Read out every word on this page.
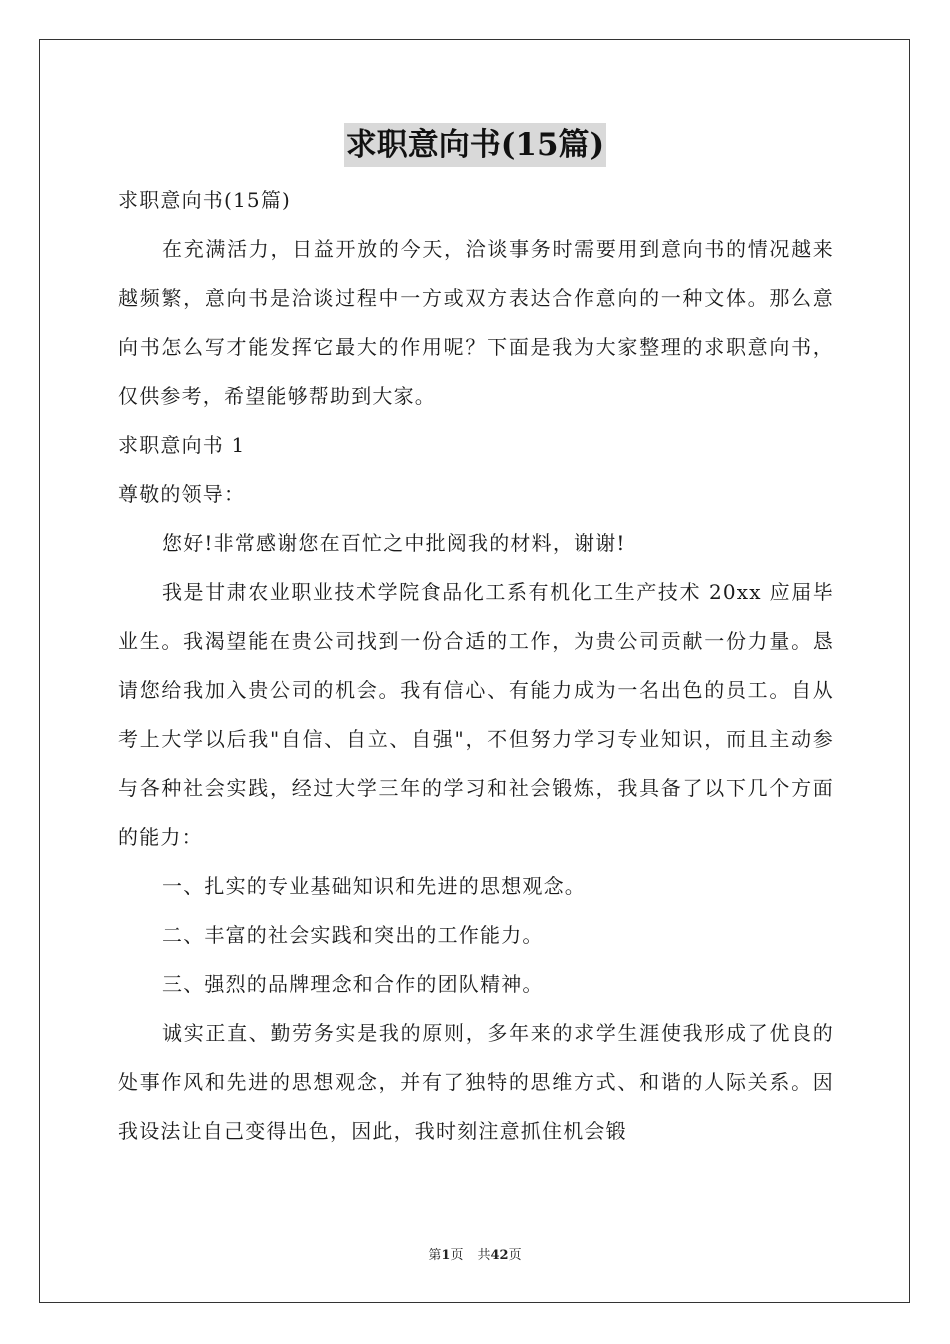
求职意向书(15篇)

求职意向书(15篇)

在充满活力，日益开放的今天，洽谈事务时需要用到意向书的情况越来越频繁，意向书是洽谈过程中一方或双方表达合作意向的一种文体。那么意向书怎么写才能发挥它最大的作用呢？下面是我为大家整理的求职意向书，仅供参考，希望能够帮助到大家。

求职意向书 1

尊敬的领导：

您好!非常感谢您在百忙之中批阅我的材料，谢谢!

我是甘肃农业职业技术学院食品化工系有机化工生产技术 20xx 应届毕业生。我渴望能在贵公司找到一份合适的工作，为贵公司贡献一份力量。恳请您给我加入贵公司的机会。我有信心、有能力成为一名出色的员工。自从考上大学以后我"自信、自立、自强"，不但努力学习专业知识，而且主动参与各种社会实践，经过大学三年的学习和社会锻炼，我具备了以下几个方面的能力：

一、扎实的专业基础知识和先进的思想观念。

二、丰富的社会实践和突出的工作能力。

三、强烈的品牌理念和合作的团队精神。

诚实正直、勤劳务实是我的原则，多年来的求学生涯使我形成了优良的处事作风和先进的思想观念，并有了独特的思维方式、和谐的人际关系。因我设法让自己变得出色，因此，我时刻注意抓住机会锻

第1页 共42页
